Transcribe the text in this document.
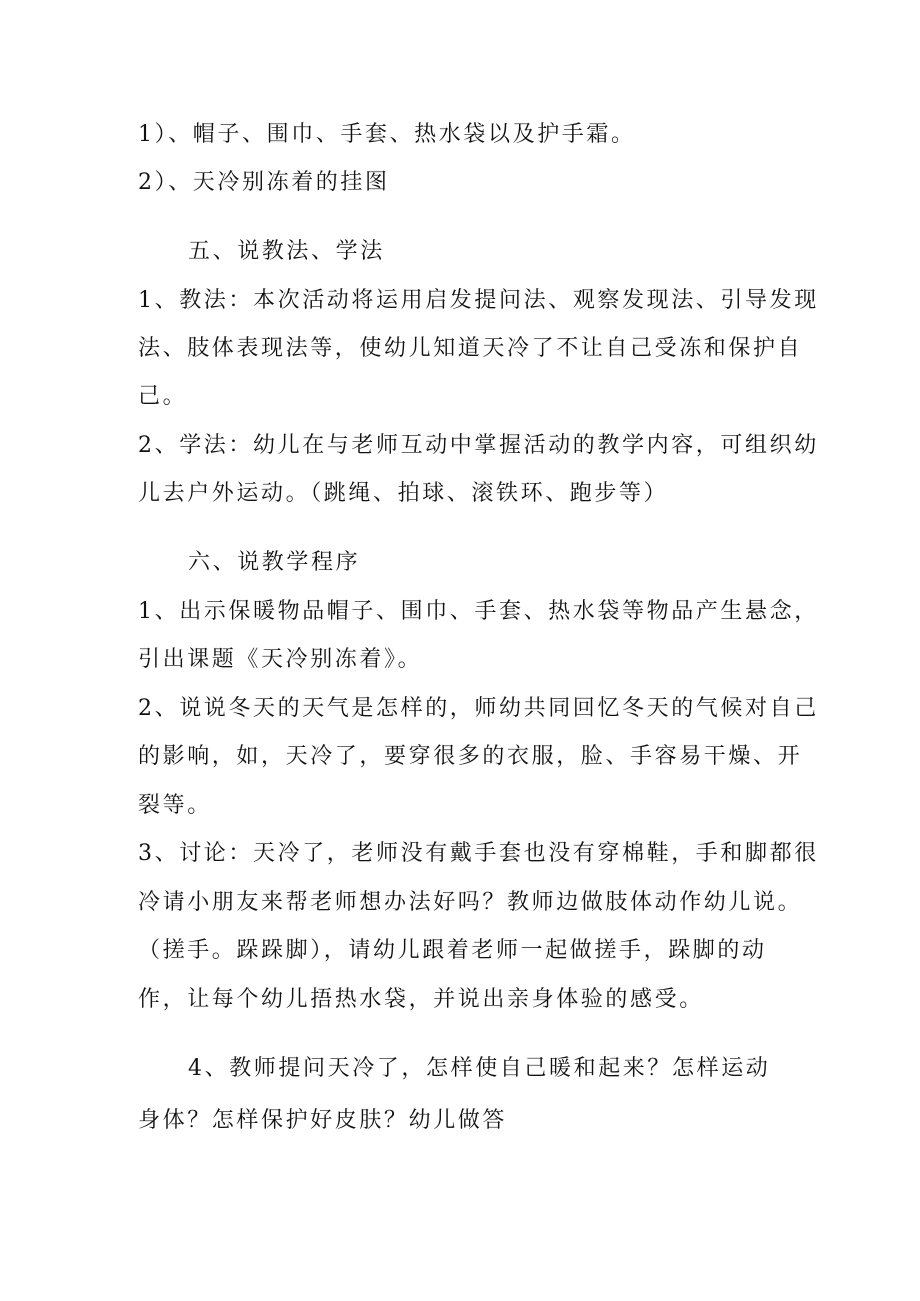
1）、帽子、围巾、手套、热水袋以及护手霜。
2）、天冷别冻着的挂图
五、说教法、学法
1、教法：本次活动将运用启发提问法、观察发现法、引导发现
法、肢体表现法等，使幼儿知道天冷了不让自己受冻和保护自
己。
2、学法：幼儿在与老师互动中掌握活动的教学内容，可组织幼
儿去户外运动。（跳绳、拍球、滚铁环、跑步等）
六、说教学程序
1、出示保暖物品帽子、围巾、手套、热水袋等物品产生悬念，
引出课题《天冷别冻着》。
2、说说冬天的天气是怎样的，师幼共同回忆冬天的气候对自己
的影响，如，天冷了，要穿很多的衣服，脸、手容易干燥、开
裂等。
3、讨论：天冷了，老师没有戴手套也没有穿棉鞋，手和脚都很
冷请小朋友来帮老师想办法好吗？教师边做肢体动作幼儿说。
（搓手。跺跺脚），请幼儿跟着老师一起做搓手，跺脚的动
作，让每个幼儿捂热水袋，并说出亲身体验的感受。
4、教师提问天冷了，怎样使自己暖和起来？怎样运动
身体？怎样保护好皮肤？幼儿做答
